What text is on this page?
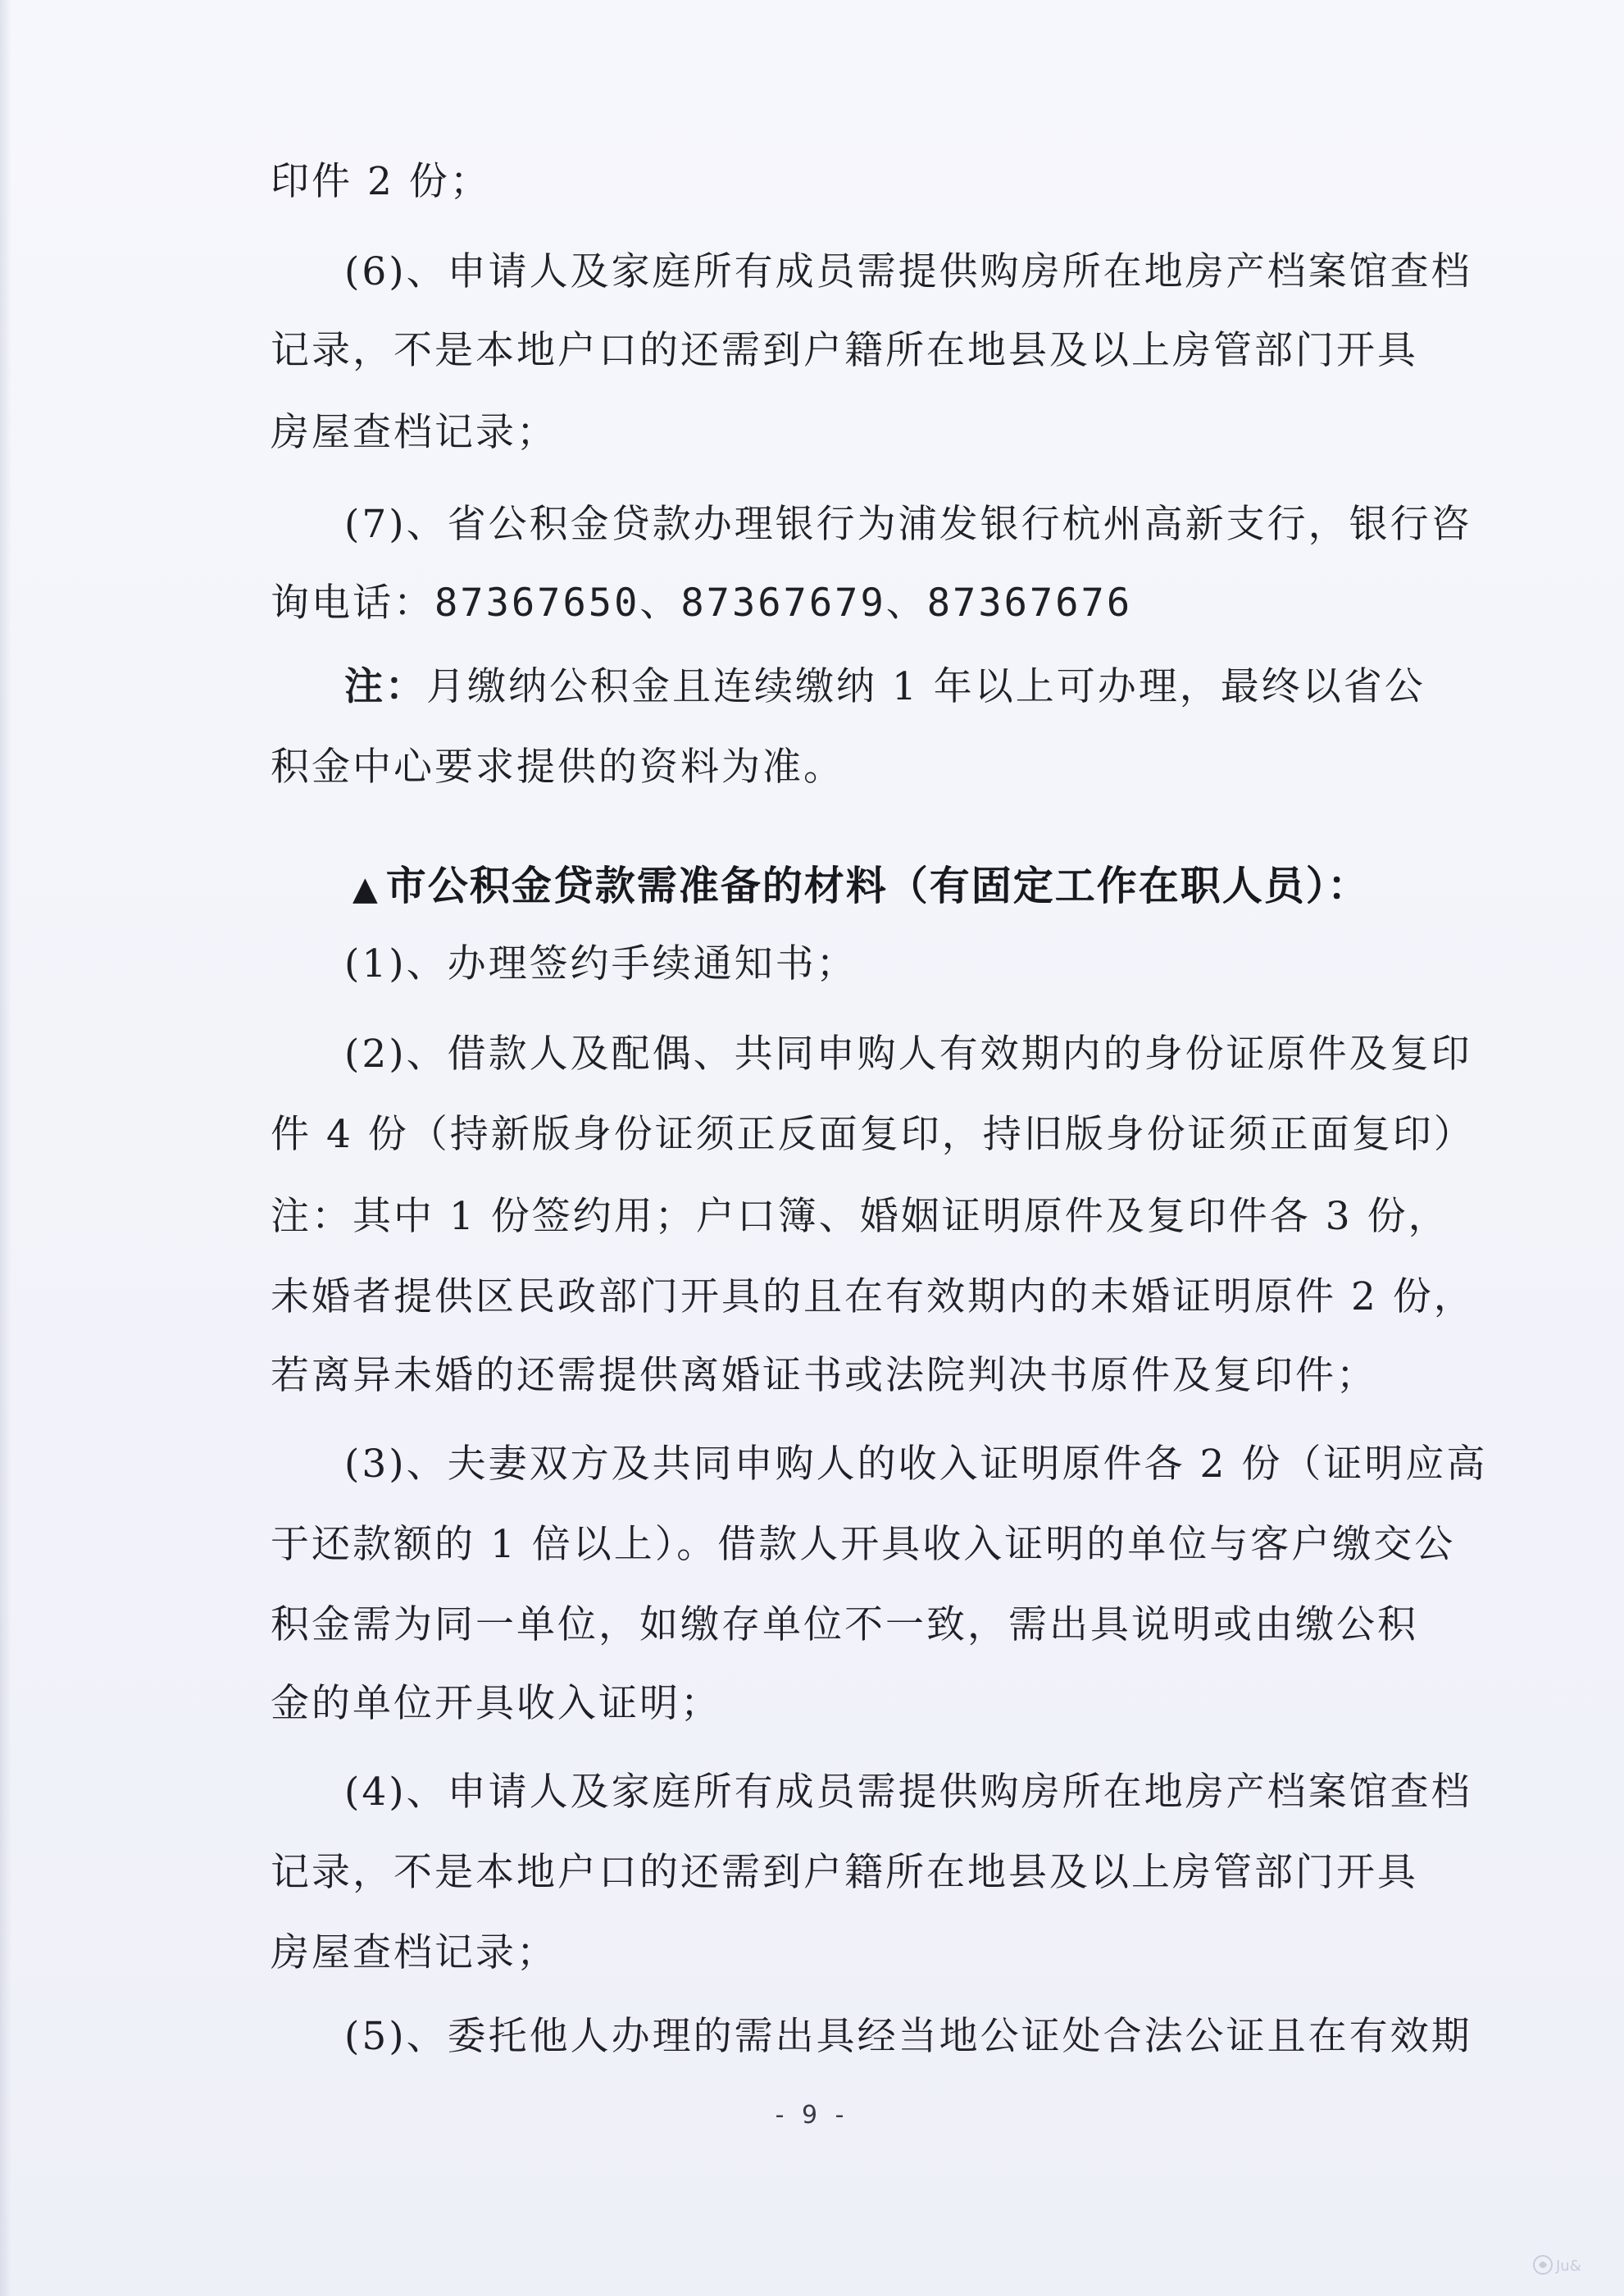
印件 2 份；
(6)、申请人及家庭所有成员需提供购房所在地房产档案馆查档
记录，不是本地户口的还需到户籍所在地县及以上房管部门开具
房屋查档记录；
(7)、省公积金贷款办理银行为浦发银行杭州高新支行，银行咨
询电话：87367650、87367679、87367676
注：月缴纳公积金且连续缴纳 1 年以上可办理，最终以省公
积金中心要求提供的资料为准。
▲ 市公积金贷款需准备的材料（有固定工作在职人员）：
(1)、办理签约手续通知书；
(2)、借款人及配偶、共同申购人有效期内的身份证原件及复印
件 4 份（持新版身份证须正反面复印，持旧版身份证须正面复印）
注：其中 1 份签约用；户口簿、婚姻证明原件及复印件各 3 份，
未婚者提供区民政部门开具的且在有效期内的未婚证明原件 2 份，
若离异未婚的还需提供离婚证书或法院判决书原件及复印件；
(3)、夫妻双方及共同申购人的收入证明原件各 2 份（证明应高
于还款额的 1 倍以上）。借款人开具收入证明的单位与客户缴交公
积金需为同一单位，如缴存单位不一致，需出具说明或由缴公积
金的单位开具收入证明；
(4)、申请人及家庭所有成员需提供购房所在地房产档案馆查档
记录，不是本地户口的还需到户籍所在地县及以上房管部门开具
房屋查档记录；
(5)、委托他人办理的需出具经当地公证处合法公证且在有效期
- 9 -
Ju&
